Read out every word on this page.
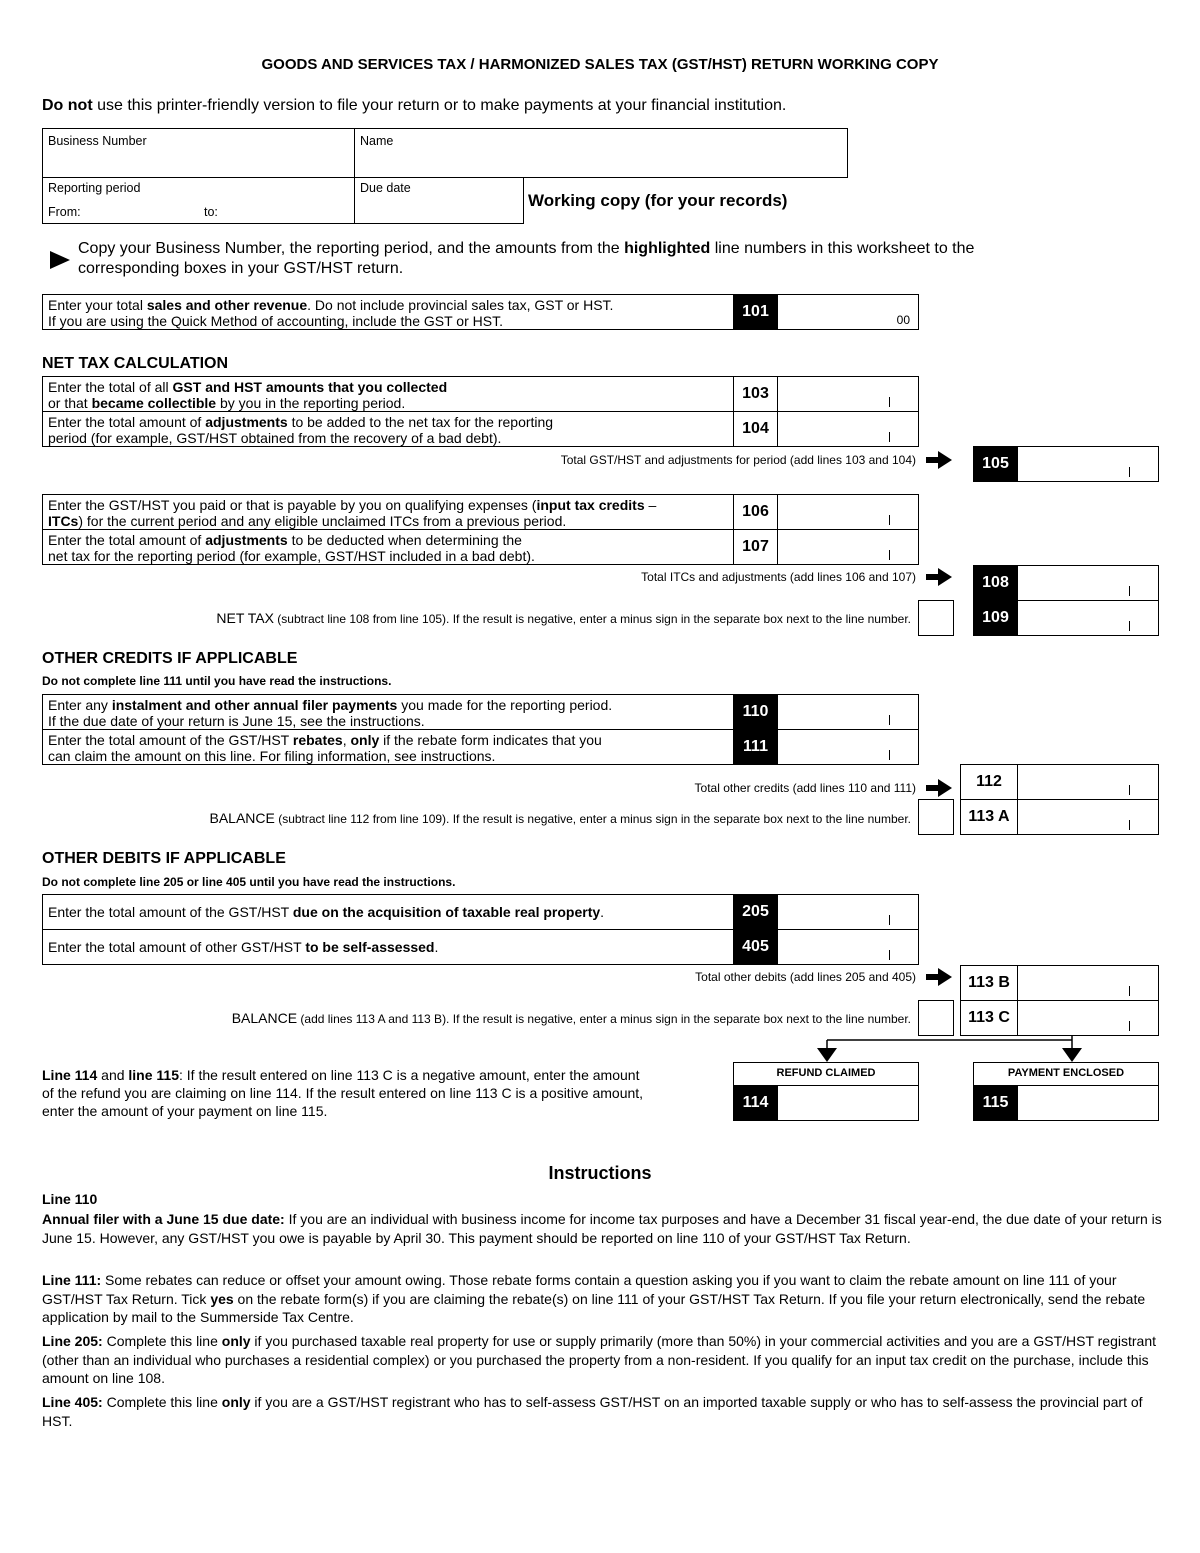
GOODS AND SERVICES TAX / HARMONIZED SALES TAX (GST/HST) RETURN WORKING COPY
Do not use this printer-friendly version to file your return or to make payments at your financial institution.
Business Number	Name
Reporting period
From:	to:
Due date
Working copy (for your records)
Copy your Business Number, the reporting period, and the amounts from the highlighted line numbers in this worksheet to the
corresponding boxes in your GST/HST return.
Enter your total sales and other revenue. Do not include provincial sales tax, GST or HST.
If you are using the Quick Method of accounting, include the GST or HST.
101	00
NET TAX CALCULATION
Enter the total of all GST and HST amounts that you collected
or that became collectible by you in the reporting period.
103
Enter the total amount of adjustments to be added to the net tax for the reporting
period (for example, GST/HST obtained from the recovery of a bad debt).
104
Total GST/HST and adjustments for period (add lines 103 and 104)	105
Enter the GST/HST you paid or that is payable by you on qualifying expenses (input tax credits –
ITCs) for the current period and any eligible unclaimed ITCs from a previous period.
106
Enter the total amount of adjustments to be deducted when determining the
net tax for the reporting period (for example, GST/HST included in a bad debt).
107
Total ITCs and adjustments (add lines 106 and 107)	108
NET TAX (subtract line 108 from line 105). If the result is negative, enter a minus sign in the separate box next to the line number.	109
OTHER CREDITS IF APPLICABLE
Do not complete line 111 until you have read the instructions.
Enter any instalment and other annual filer payments you made for the reporting period.
If the due date of your return is June 15, see the instructions.
110
Enter the total amount of the GST/HST rebates, only if the rebate form indicates that you
can claim the amount on this line. For filing information, see instructions.
111
Total other credits (add lines 110 and 111)	112
BALANCE (subtract line 112 from line 109). If the result is negative, enter a minus sign in the separate box next to the line number.	113 A
OTHER DEBITS IF APPLICABLE
Do not complete line 205 or line 405 until you have read the instructions.
Enter the total amount of the GST/HST due on the acquisition of taxable real property.	205
Enter the total amount of other GST/HST to be self-assessed.	405
Total other debits (add lines 205 and 405)	113 B
BALANCE (add lines 113 A and 113 B). If the result is negative, enter a minus sign in the separate box next to the line number.	113 C
Line 114 and line 115: If the result entered on line 113 C is a negative amount, enter the amount
of the refund you are claiming on line 114. If the result entered on line 113 C is a positive amount,
enter the amount of your payment on line 115.
REFUND CLAIMED
114
PAYMENT ENCLOSED
115
Instructions
Line 110
Annual filer with a June 15 due date: If you are an individual with business income for income tax purposes and have a December 31 fiscal year-end, the due date of your return is June 15. However, any GST/HST you owe is payable by April 30. This payment should be reported on line 110 of your GST/HST Tax Return.
Line 111: Some rebates can reduce or offset your amount owing. Those rebate forms contain a question asking you if you want to claim the rebate amount on line 111 of your GST/HST Tax Return. Tick yes on the rebate form(s) if you are claiming the rebate(s) on line 111 of your GST/HST Tax Return. If you file your return electronically, send the rebate application by mail to the Summerside Tax Centre.
Line 205: Complete this line only if you purchased taxable real property for use or supply primarily (more than 50%) in your commercial activities and you are a GST/HST registrant (other than an individual who purchases a residential complex) or you purchased the property from a non-resident. If you qualify for an input tax credit on the purchase, include this amount on line 108.
Line 405: Complete this line only if you are a GST/HST registrant who has to self-assess GST/HST on an imported taxable supply or who has to self-assess the provincial part of HST.
